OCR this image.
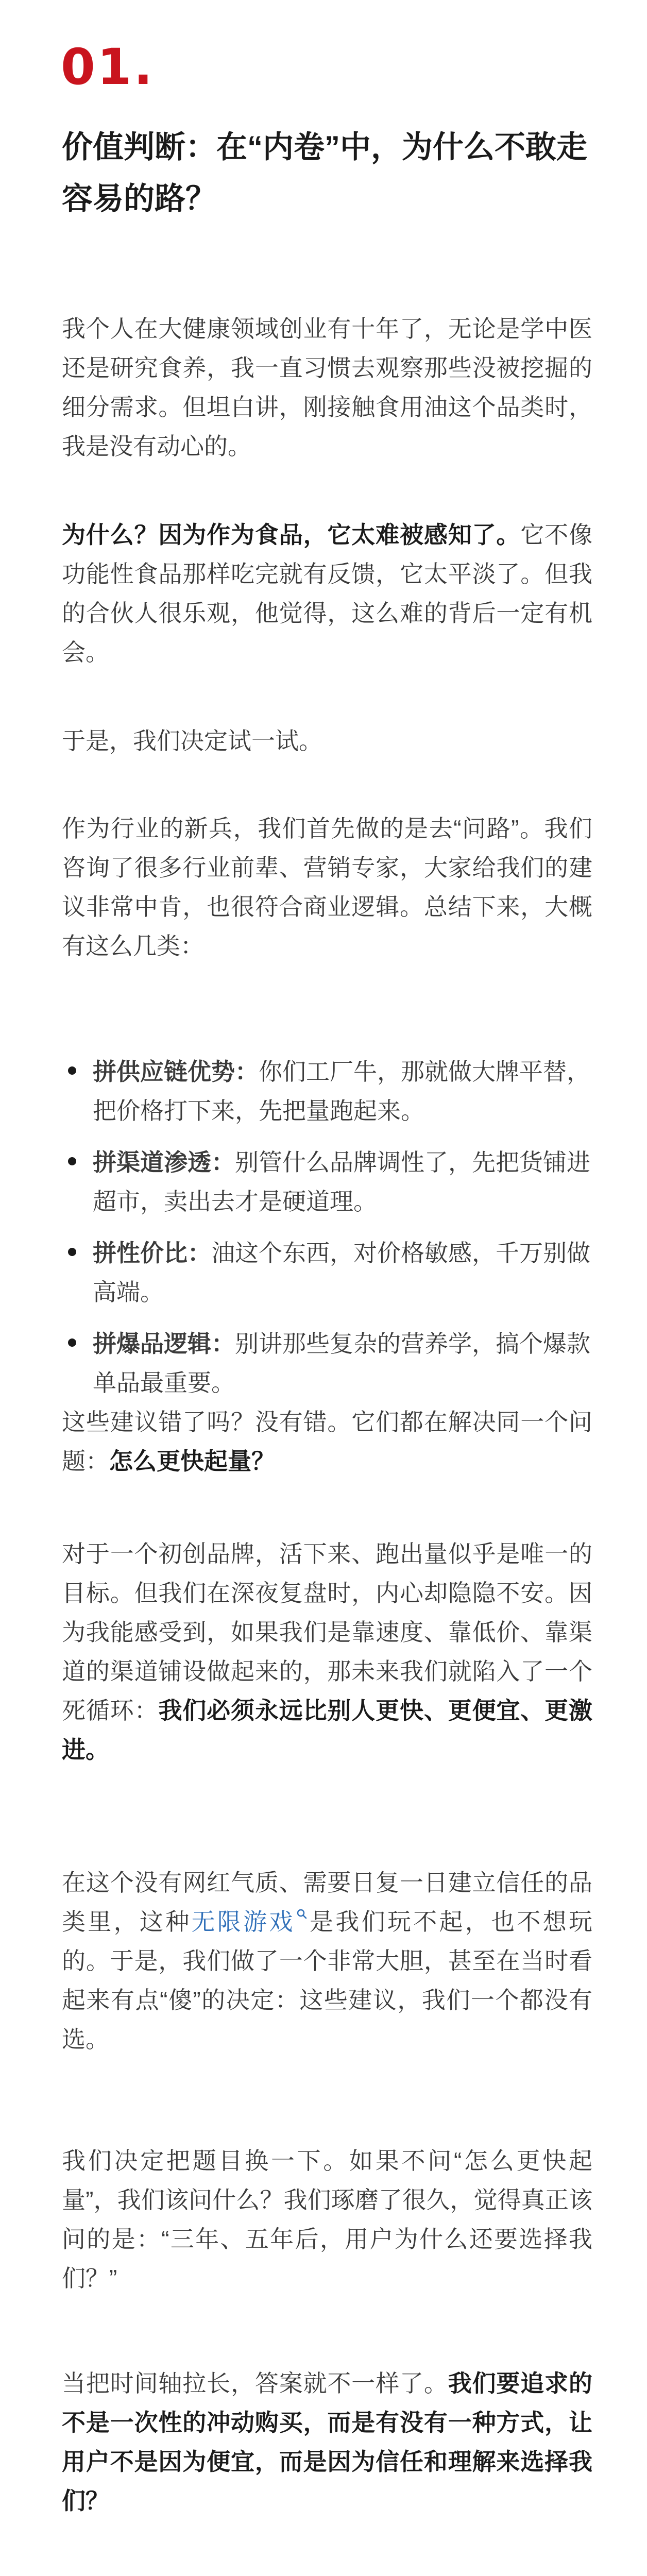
01.
价值判断：在“内卷”中，为什么不敢走容易的路？

我个人在大健康领域创业有十年了，无论是学中医还是研究食养，我一直习惯去观察那些没被挖掘的细分需求。但坦白讲，刚接触食用油这个品类时，我是没有动心的。

为什么？因为作为食品，它太难被感知了。它不像功能性食品那样吃完就有反馈，它太平淡了。但我的合伙人很乐观，他觉得，这么难的背后一定有机会。

于是，我们决定试一试。

作为行业的新兵，我们首先做的是去“问路”。我们咨询了很多行业前辈、营销专家，大家给我们的建议非常中肯，也很符合商业逻辑。总结下来，大概有这么几类：

拼供应链优势：你们工厂牛，那就做大牌平替，把价格打下来，先把量跑起来。
拼渠道渗透：别管什么品牌调性了，先把货铺进超市，卖出去才是硬道理。
拼性价比：油这个东西，对价格敏感，千万别做高端。
拼爆品逻辑：别讲那些复杂的营养学，搞个爆款单品最重要。

这些建议错了吗？没有错。它们都在解决同一个问题：怎么更快起量？

对于一个初创品牌，活下来、跑出量似乎是唯一的目标。但我们在深夜复盘时，内心却隐隐不安。因为我能感受到，如果我们是靠速度、靠低价、靠渠道的渠道铺设做起来的，那未来我们就陷入了一个死循环：我们必须永远比别人更快、更便宜、更激进。

在这个没有网红气质、需要日复一日建立信任的品类里，这种无限游戏 是我们玩不起，也不想玩的。于是，我们做了一个非常大胆，甚至在当时看起来有点“傻”的决定：这些建议，我们一个都没有选。

我们决定把题目换一下。如果不问“怎么更快起量”，我们该问什么？我们琢磨了很久，觉得真正该问的是：“三年、五年后，用户为什么还要选择我们？”

当把时间轴拉长，答案就不一样了。我们要追求的不是一次性的冲动购买，而是有没有一种方式，让用户不是因为便宜，而是因为信任和理解来选择我们？
